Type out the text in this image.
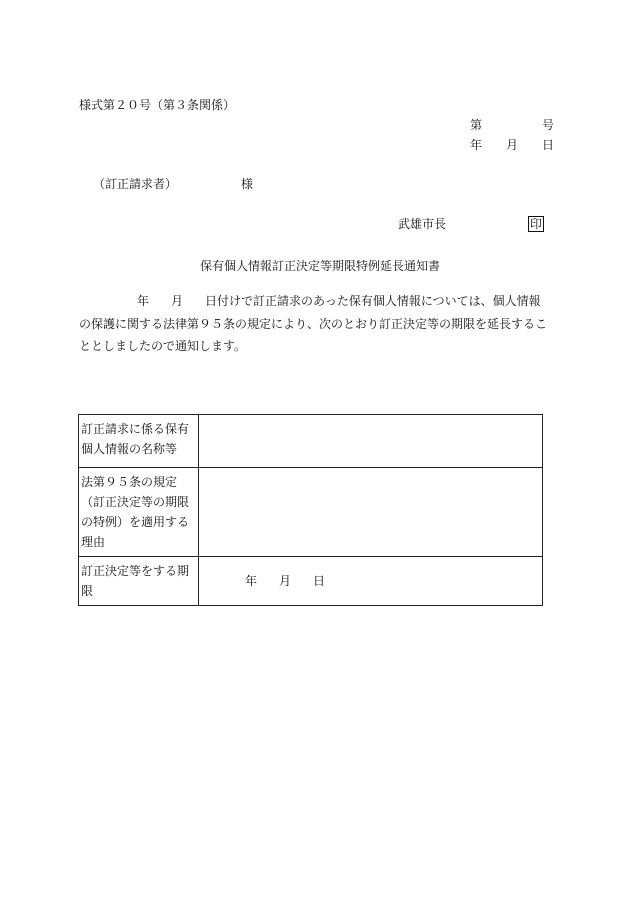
様式第２０号（第３条関係）
第	号
年 月 日
（訂正請求者）	様
武雄市長	印
保有個人情報訂正決定等期限特例延長通知書
年 月 日付けで訂正請求のあった保有個人情報については、個人情報の保護に関する法律第９５条の規定により、次のとおり訂正決定等の期限を延長することとしましたので通知します。
訂正請求に係る保有個人情報の名称等	
法第９５条の規定（訂正決定等の期限の特例）を適用する理由	
訂正決定等をする期限	年 月 日
